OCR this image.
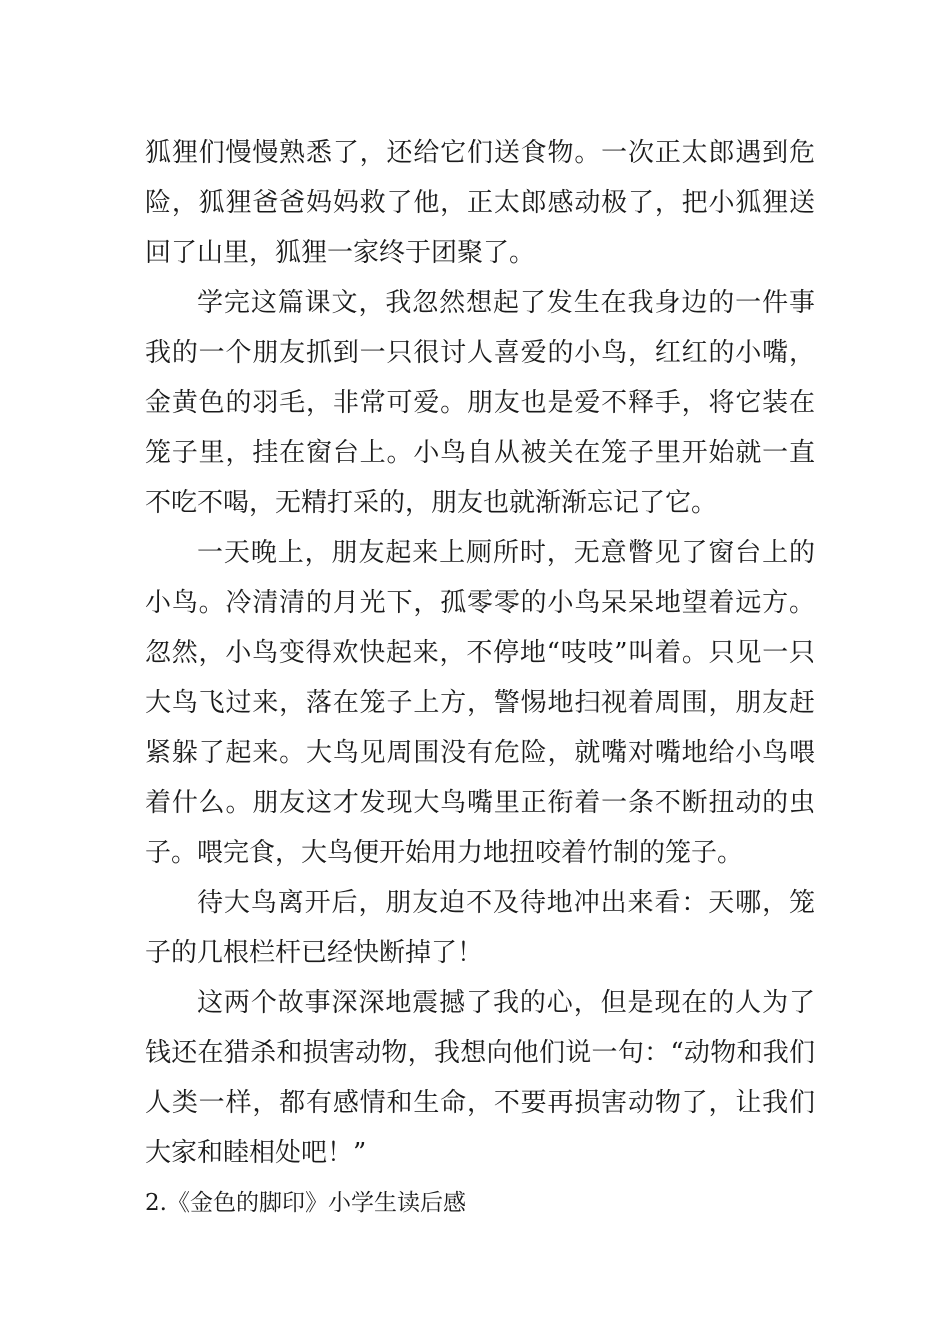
狐狸们慢慢熟悉了，还给它们送食物。一次正太郎遇到危险，狐狸爸爸妈妈救了他，正太郎感动极了，把小狐狸送回了山里，狐狸一家终于团聚了。

学完这篇课文，我忽然想起了发生在我身边的一件事我的一个朋友抓到一只很讨人喜爱的小鸟，红红的小嘴，金黄色的羽毛，非常可爱。朋友也是爱不释手，将它装在笼子里，挂在窗台上。小鸟自从被关在笼子里开始就一直不吃不喝，无精打采的，朋友也就渐渐忘记了它。

一天晚上，朋友起来上厕所时，无意瞥见了窗台上的小鸟。冷清清的月光下，孤零零的小鸟呆呆地望着远方。忽然，小鸟变得欢快起来，不停地“吱吱”叫着。只见一只大鸟飞过来，落在笼子上方，警惕地扫视着周围，朋友赶紧躲了起来。大鸟见周围没有危险，就嘴对嘴地给小鸟喂着什么。朋友这才发现大鸟嘴里正衔着一条不断扭动的虫子。喂完食，大鸟便开始用力地扭咬着竹制的笼子。

待大鸟离开后，朋友迫不及待地冲出来看：天哪，笼子的几根栏杆已经快断掉了！

这两个故事深深地震撼了我的心，但是现在的人为了钱还在猎杀和损害动物，我想向他们说一句：“动物和我们人类一样，都有感情和生命，不要再损害动物了，让我们大家和睦相处吧！”

2.《金色的脚印》小学生读后感
